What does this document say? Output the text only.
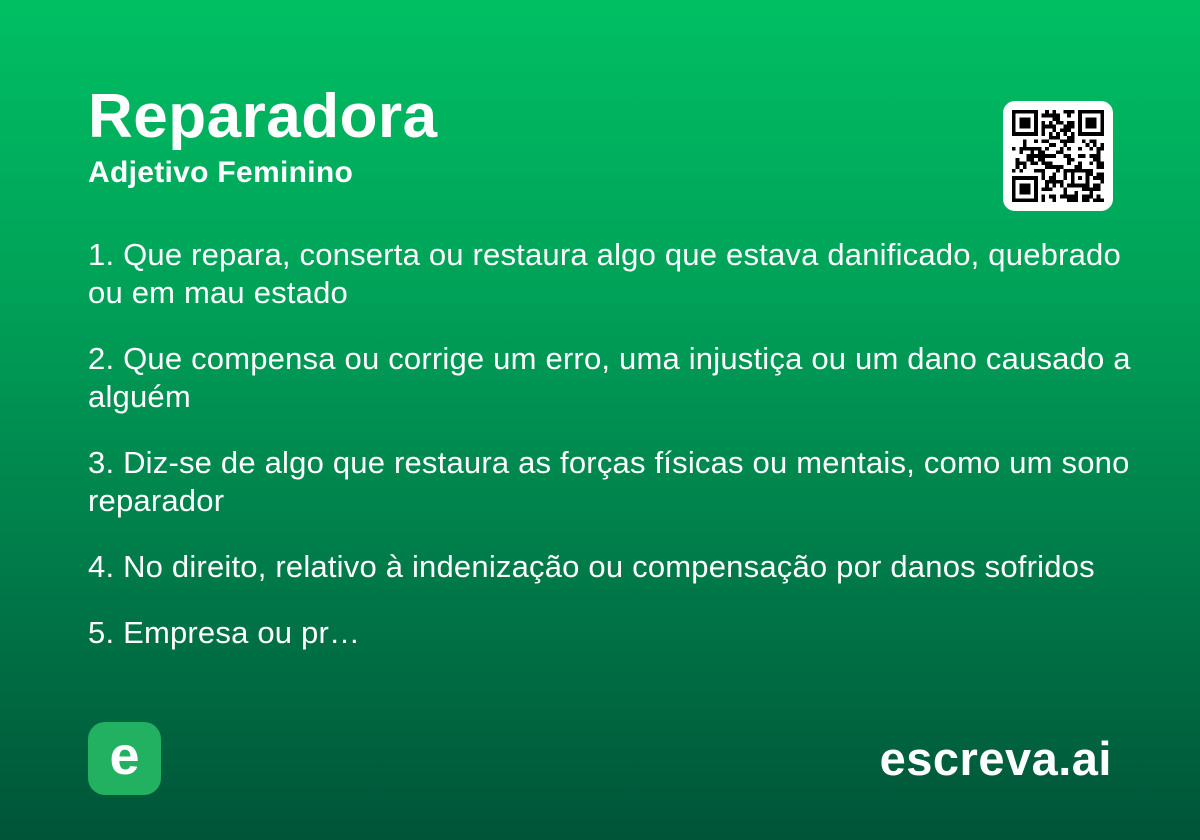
Reparadora
Adjetivo Feminino
1. Que repara, conserta ou restaura algo que estava danificado, quebrado ou em mau estado
2. Que compensa ou corrige um erro, uma injustiça ou um dano causado a alguém
3. Diz-se de algo que restaura as forças físicas ou mentais, como um sono reparador
4. No direito, relativo à indenização ou compensação por danos sofridos
5. Empresa ou pr…
e	escreva.ai
